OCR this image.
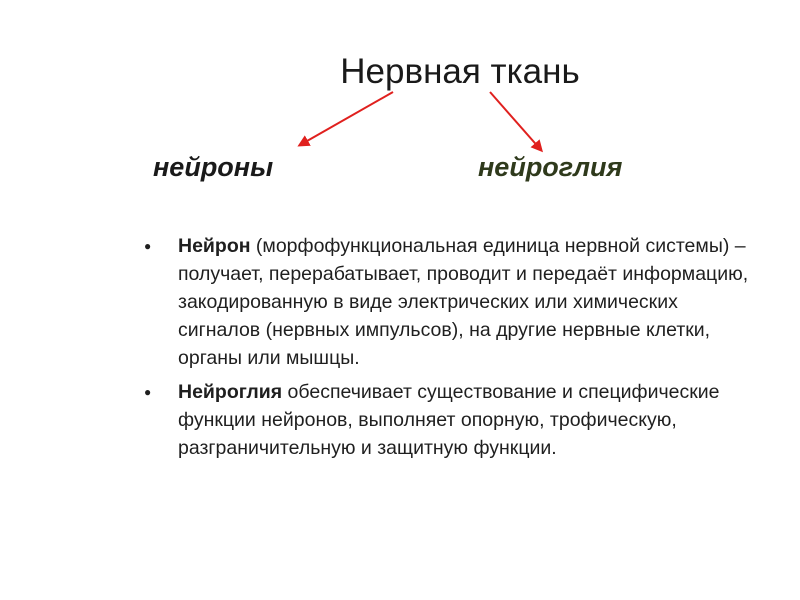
Нервная ткань
нейроны	нейроглия
● Нейрон (морфофункциональная единица нервной системы) – получает, перерабатывает, проводит и передаёт информацию, закодированную в виде электрических или химических сигналов (нервных импульсов), на другие нервные клетки, органы или мышцы.
● Нейроглия обеспечивает существование и специфические функции нейронов, выполняет опорную, трофическую, разграничительную и защитную функции.
